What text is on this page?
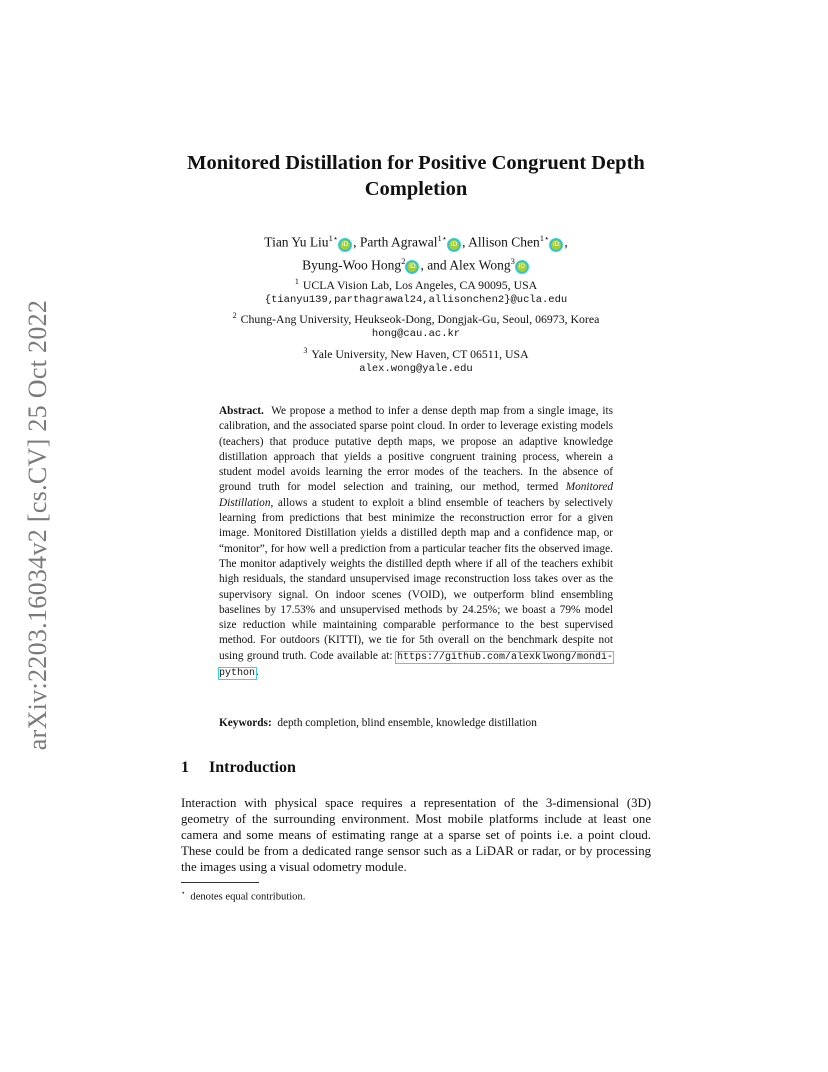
arXiv:2203.16034v2 [cs.CV] 25 Oct 2022
Monitored Distillation for Positive Congruent Depth Completion
Tian Yu Liu$^{1⋆}$iD , Parth Agrawal$^{1⋆}$iD , Allison Chen$^{1⋆}$iD ,
Byung-Woo Hong$^2$iD , and Alex Wong$^3$iD
$^1$ UCLA Vision Lab, Los Angeles, CA 90095, USA
{tianyu139,parthagrawal24,allisonchen2}@ucla.edu
$^2$ Chung-Ang University, Heukseok-Dong, Dongjak-Gu, Seoul, 06973, Korea
hong@cau.ac.kr
$^3$ Yale University, New Haven, CT 06511, USA
alex.wong@yale.edu
Abstract. We propose a method to infer a dense depth map from a single image, its calibration, and the associated sparse point cloud. In order to leverage existing models (teachers) that produce putative depth maps, we propose an adaptive knowledge distillation approach that yields a positive congruent training process, wherein a student model avoids learning the error modes of the teachers. In the absence of ground truth for model selection and training, our method, termed Monitored Distillation, allows a student to exploit a blind ensemble of teachers by selectively learning from predictions that best minimize the reconstruction error for a given image. Monitored Distillation yields a distilled depth map and a confidence map, or “monitor”, for how well a prediction from a particular teacher fits the observed image. The monitor adaptively weights the distilled depth where if all of the teachers exhibit high residuals, the standard unsupervised image reconstruction loss takes over as the supervisory signal. On indoor scenes (VOID), we outperform blind ensembling baselines by 17.53% and unsupervised methods by 24.25%; we boast a 79% model size reduction while maintaining comparable performance to the best supervised method. For outdoors (KITTI), we tie for 5th overall on the benchmark despite not using ground truth. Code available at: https://github.com/alexklwong/mondi-python.
Keywords: depth completion, blind ensemble, knowledge distillation
1 Introduction
Interaction with physical space requires a representation of the 3-dimensional (3D) geometry of the surrounding environment. Most mobile platforms include at least one camera and some means of estimating range at a sparse set of points i.e. a point cloud. These could be from a dedicated range sensor such as a LiDAR or radar, or by processing the images using a visual odometry module.
⋆ denotes equal contribution.
